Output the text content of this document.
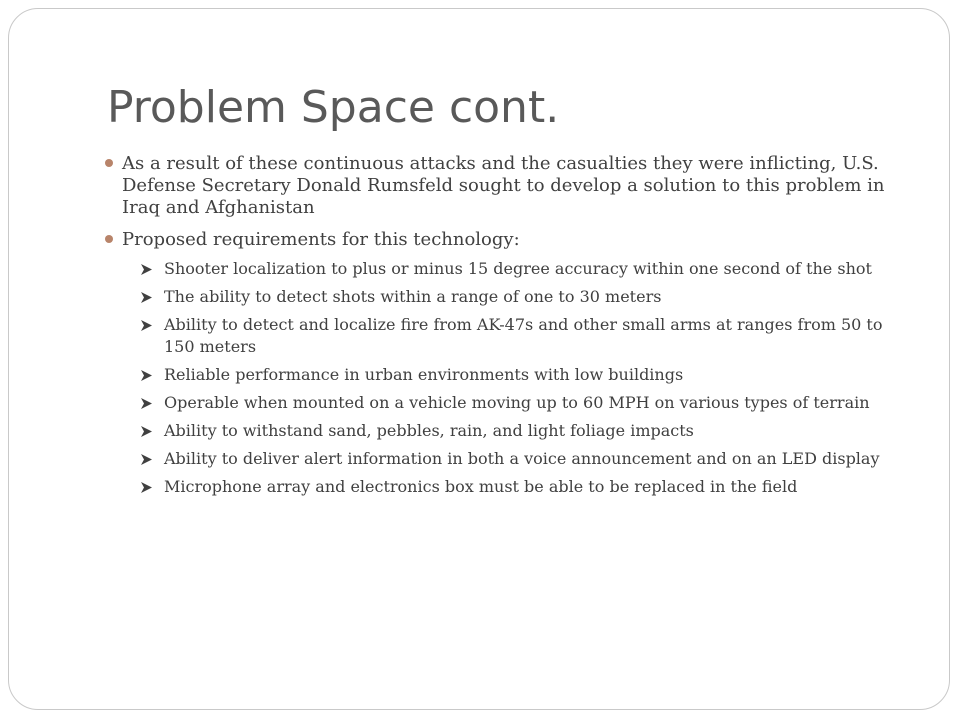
Problem Space cont.
As a result of these continuous attacks and the casualties they were inflicting, U.S. Defense Secretary Donald Rumsfeld sought to develop a solution to this problem in Iraq and Afghanistan
Proposed requirements for this technology:
Shooter localization to plus or minus 15 degree accuracy within one second of the shot
The ability to detect shots within a range of one to 30 meters
Ability to detect and localize fire from AK-47s and other small arms at ranges from 50 to 150 meters
Reliable performance in urban environments with low buildings
Operable when mounted on a vehicle moving up to 60 MPH on various types of terrain
Ability to withstand sand, pebbles, rain, and light foliage impacts
Ability to deliver alert information in both a voice announcement and on an LED display
Microphone array and electronics box must be able to be replaced in the field
